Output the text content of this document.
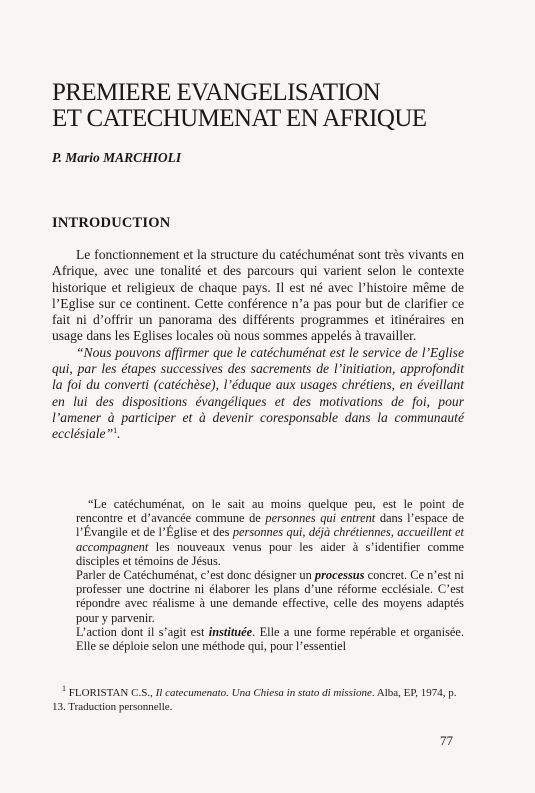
PREMIERE EVANGELISATION
ET CATECHUMENAT EN AFRIQUE
P. Mario MARCHIOLI
INTRODUCTION

Le fonctionnement et la structure du catéchuménat sont très vivants en Afrique, avec une tonalité et des parcours qui varient selon le contexte historique et religieux de chaque pays. Il est né avec l’histoire même de l’Eglise sur ce continent. Cette conférence n’a pas pour but de clarifier ce fait ni d’offrir un panorama des différents programmes et itinéraires en usage dans les Eglises locales où nous sommes appelés à travailler.

“Nous pouvons affirmer que le catéchuménat est le service de l’Eglise qui, par les étapes successives des sacrements de l’initiation, approfondit la foi du converti (catéchèse), l’éduque aux usages chrétiens, en éveillant en lui des dispositions évangéliques et des motivations de foi, pour l’amener à participer et à devenir coresponsable dans la communauté ecclésiale”$^1$.

“Le catéchuménat, on le sait au moins quelque peu, est le point de rencontre et d’avancée commune de personnes qui entrent dans l’espace de l’Évangile et de l’Église et des personnes qui, déjà chrétiennes, accueillent et accompagnent les nouveaux venus pour les aider à s’identifier comme disciples et témoins de Jésus.

Parler de Catéchuménat, c’est donc désigner un processus concret. Ce n’est ni professer une doctrine ni élaborer les plans d’une réforme ecclésiale. C’est répondre avec réalisme à une demande effective, celle des moyens adaptés pour y parvenir.

L’action dont il s’agit est instituée. Elle a une forme repérable et organisée. Elle se déploie selon une méthode qui, pour l’essentiel

$^1$ FLORISTAN C.S., Il catecumenato. Una Chiesa in stato di missione. Alba, EP, 1974, p. 13. Traduction personnelle.

77
